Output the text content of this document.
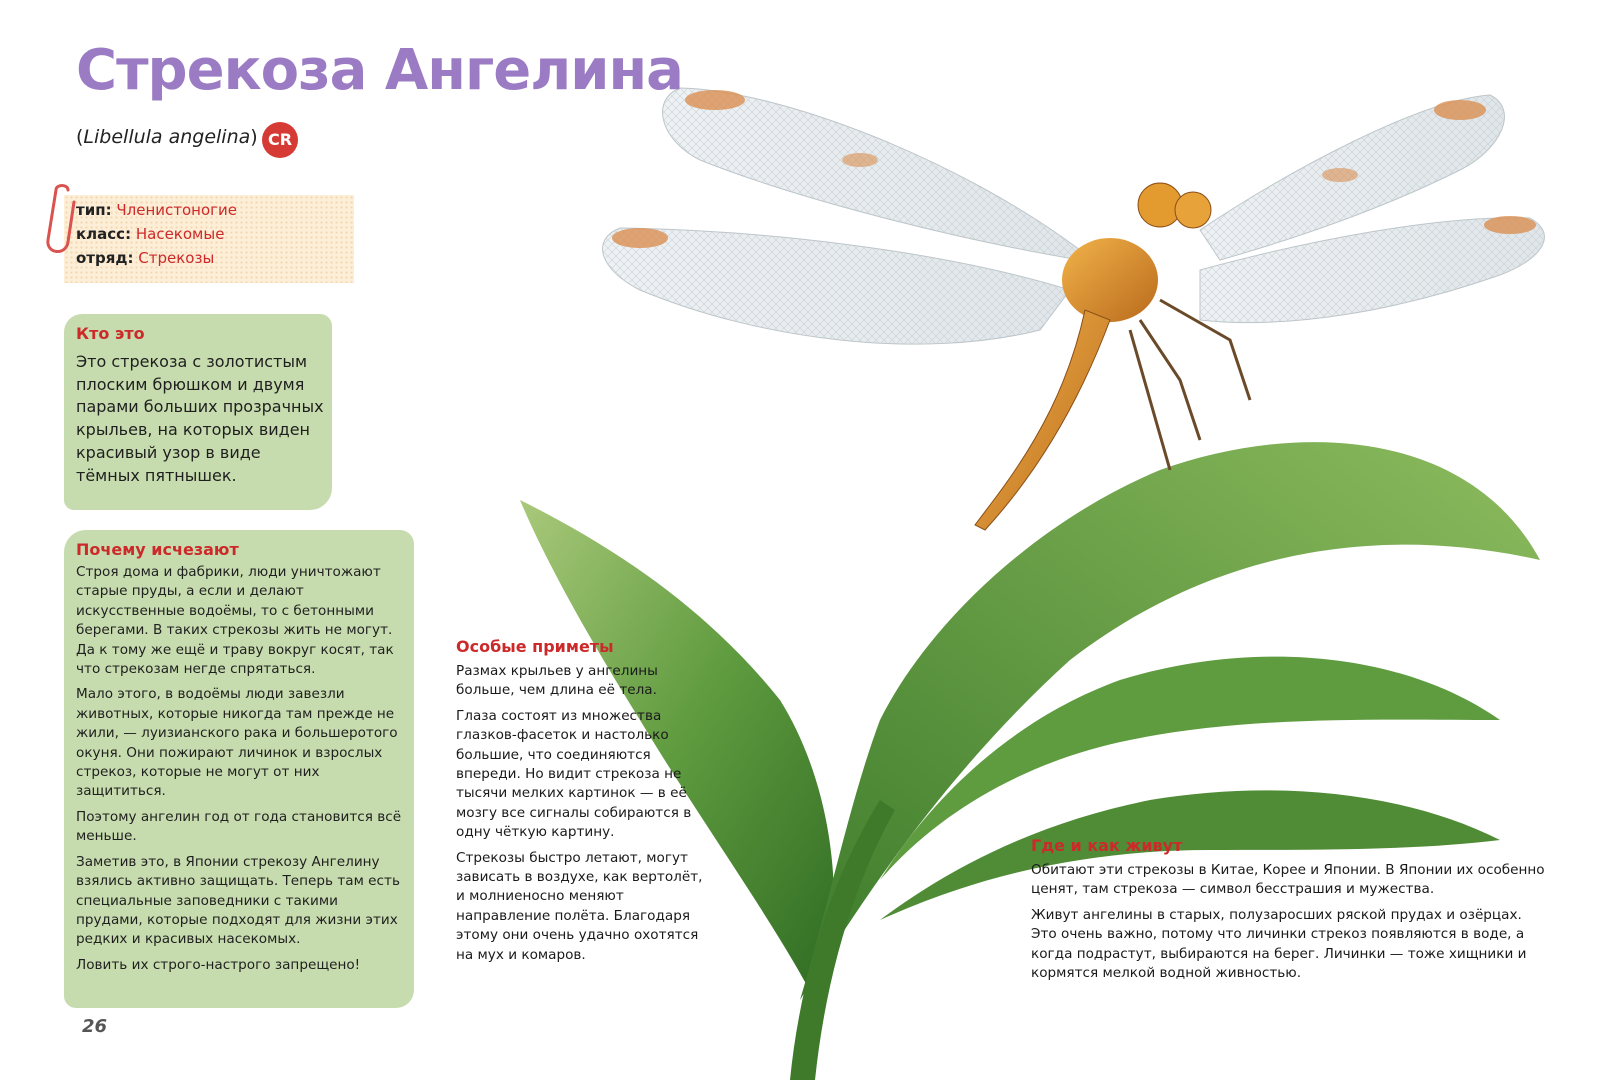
Стрекоза Ангелина
(Libellula angelina) CR
тип: Членистоногие
класс: Насекомые
отряд: Стрекозы
Кто это
Это стрекоза с золотистым плоским брюшком и двумя парами больших прозрачных крыльев, на которых виден красивый узор в виде тёмных пятнышек.
Почему исчезают

Строя дома и фабрики, люди уничтожают старые пруды, а если и делают искусственные водоёмы, то с бетонными берегами. В таких стрекозы жить не могут. Да к тому же ещё и траву вокруг косят, так что стрекозам негде спрятаться.

Мало этого, в водоёмы люди завезли животных, которые никогда там прежде не жили, — луизианского рака и большеротого окуня. Они пожирают личинок и взрослых стрекоз, которые не могут от них защититься.

Поэтому ангелин год от года становится всё меньше.

Заметив это, в Японии стрекозу Ангелину взялись активно защищать. Теперь там есть специальные заповедники с такими прудами, которые подходят для жизни этих редких и красивых насекомых.

Ловить их строго-настрого запрещено!

Особые приметы

Размах крыльев у ангелины больше, чем длина её тела.

Глаза состоят из множества глазков-фасеток и настолько большие, что соединяются впереди. Но видит стрекоза не тысячи мелких картинок — в её мозгу все сигналы собираются в одну чёткую картину.

Стрекозы быстро летают, могут зависать в воздухе, как вертолёт, и молниеносно меняют направление полёта. Благодаря этому они очень удачно охотятся на мух и комаров.

Где и как живут

Обитают эти стрекозы в Китае, Корее и Японии. В Японии их особенно ценят, там стрекоза — символ бесстрашия и мужества.

Живут ангелины в старых, полузаросших ряской прудах и озёрцах. Это очень важно, потому что личинки стрекоз появляются в воде, а когда подрастут, выбираются на берег. Личинки — тоже хищники и кормятся мелкой водной живностью.

26
